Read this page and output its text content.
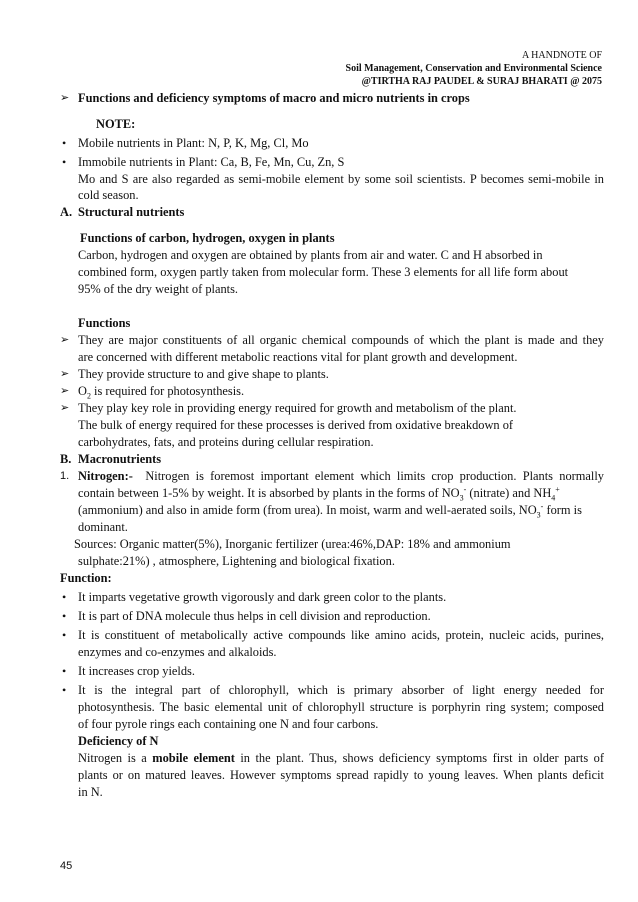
A HANDNOTE OF
Soil Management, Conservation and Environmental Science
@TIRTHA RAJ PAUDEL & SURAJ BHARATI @ 2075
➢ Functions and deficiency symptoms of macro and micro nutrients in crops
NOTE:
• Mobile nutrients in Plant: N, P, K, Mg, Cl, Mo
• Immobile nutrients in Plant: Ca, B, Fe, Mn, Cu, Zn, S
Mo and S are also regarded as semi-mobile element by some soil scientists. P becomes semi-mobile in
cold season.
A. Structural nutrients
Functions of carbon, hydrogen, oxygen in plants
Carbon, hydrogen and oxygen are obtained by plants from air and water. C and H absorbed in
combined form, oxygen partly taken from molecular form. These 3 elements for all life form about
95% of the dry weight of plants.
Functions
➢ They are major constituents of all organic chemical compounds of which the plant is made and they
are concerned with different metabolic reactions vital for plant growth and development.
➢ They provide structure to and give shape to plants.
➢ $O_2$ is required for photosynthesis.
➢ They play key role in providing energy required for growth and metabolism of the plant.
The bulk of energy required for these processes is derived from oxidative breakdown of
carbohydrates, fats, and proteins during cellular respiration.
B. Macronutrients
1. Nitrogen:- Nitrogen is foremost important element which limits crop production. Plants normally
contain between 1-5% by weight. It is absorbed by plants in the forms of $NO_3^-$ (nitrate) and $NH_4^+$
(ammonium) and also in amide form (from urea). In moist, warm and well-aerated soils, $NO_3^-$ form is
dominant.
Sources: Organic matter(5%), Inorganic fertilizer (urea:46%,DAP: 18% and ammonium
sulphate:21%) , atmosphere, Lightening and biological fixation.
Function:
• It imparts vegetative growth vigorously and dark green color to the plants.
• It is part of DNA molecule thus helps in cell division and reproduction.
• It is constituent of metabolically active compounds like amino acids, protein, nucleic acids, purines,
enzymes and co-enzymes and alkaloids.
• It increases crop yields.
• It is the integral part of chlorophyll, which is primary absorber of light energy needed for
photosynthesis. The basic elemental unit of chlorophyll structure is porphyrin ring system; composed
of four pyrole rings each containing one N and four carbons.
Deficiency of N
Nitrogen is a mobile element in the plant. Thus, shows deficiency symptoms first in older parts of
plants or on matured leaves. However symptoms spread rapidly to young leaves. When plants deficit
in N.
45
